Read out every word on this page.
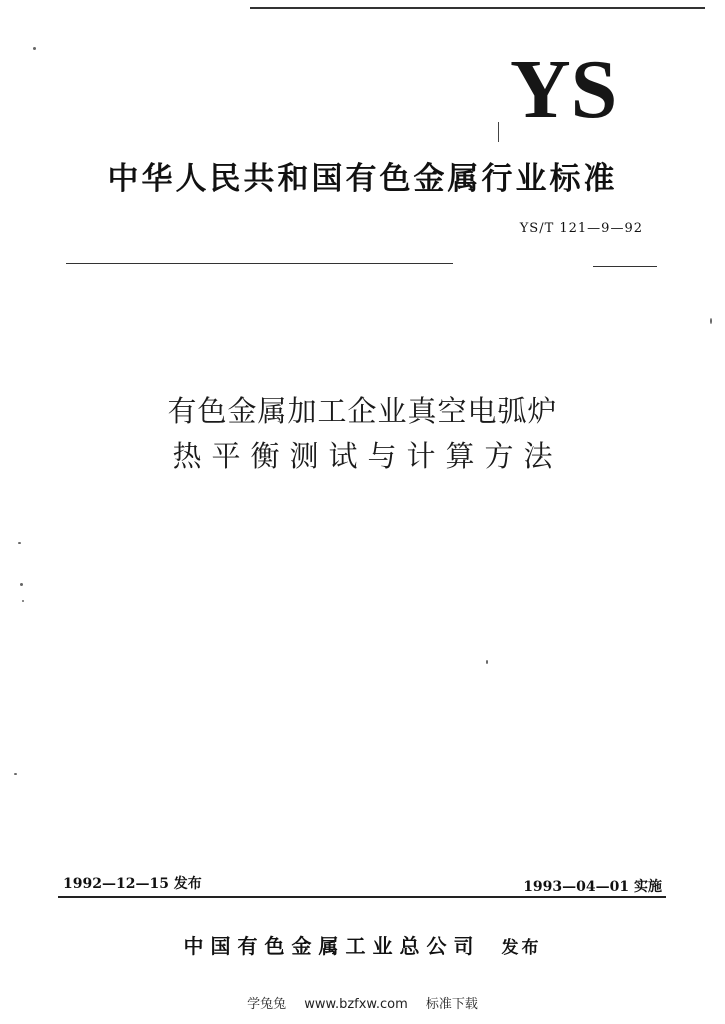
YS
中华人民共和国有色金属行业标准
YS/T 121—9—92
有色金属加工企业真空电弧炉
热平衡测试与计算方法
1992—12—15 发布	1993—04—01 实施
中国有色金属工业总公司 发布
学兔兔 www.bzfxw.com 标准下载
